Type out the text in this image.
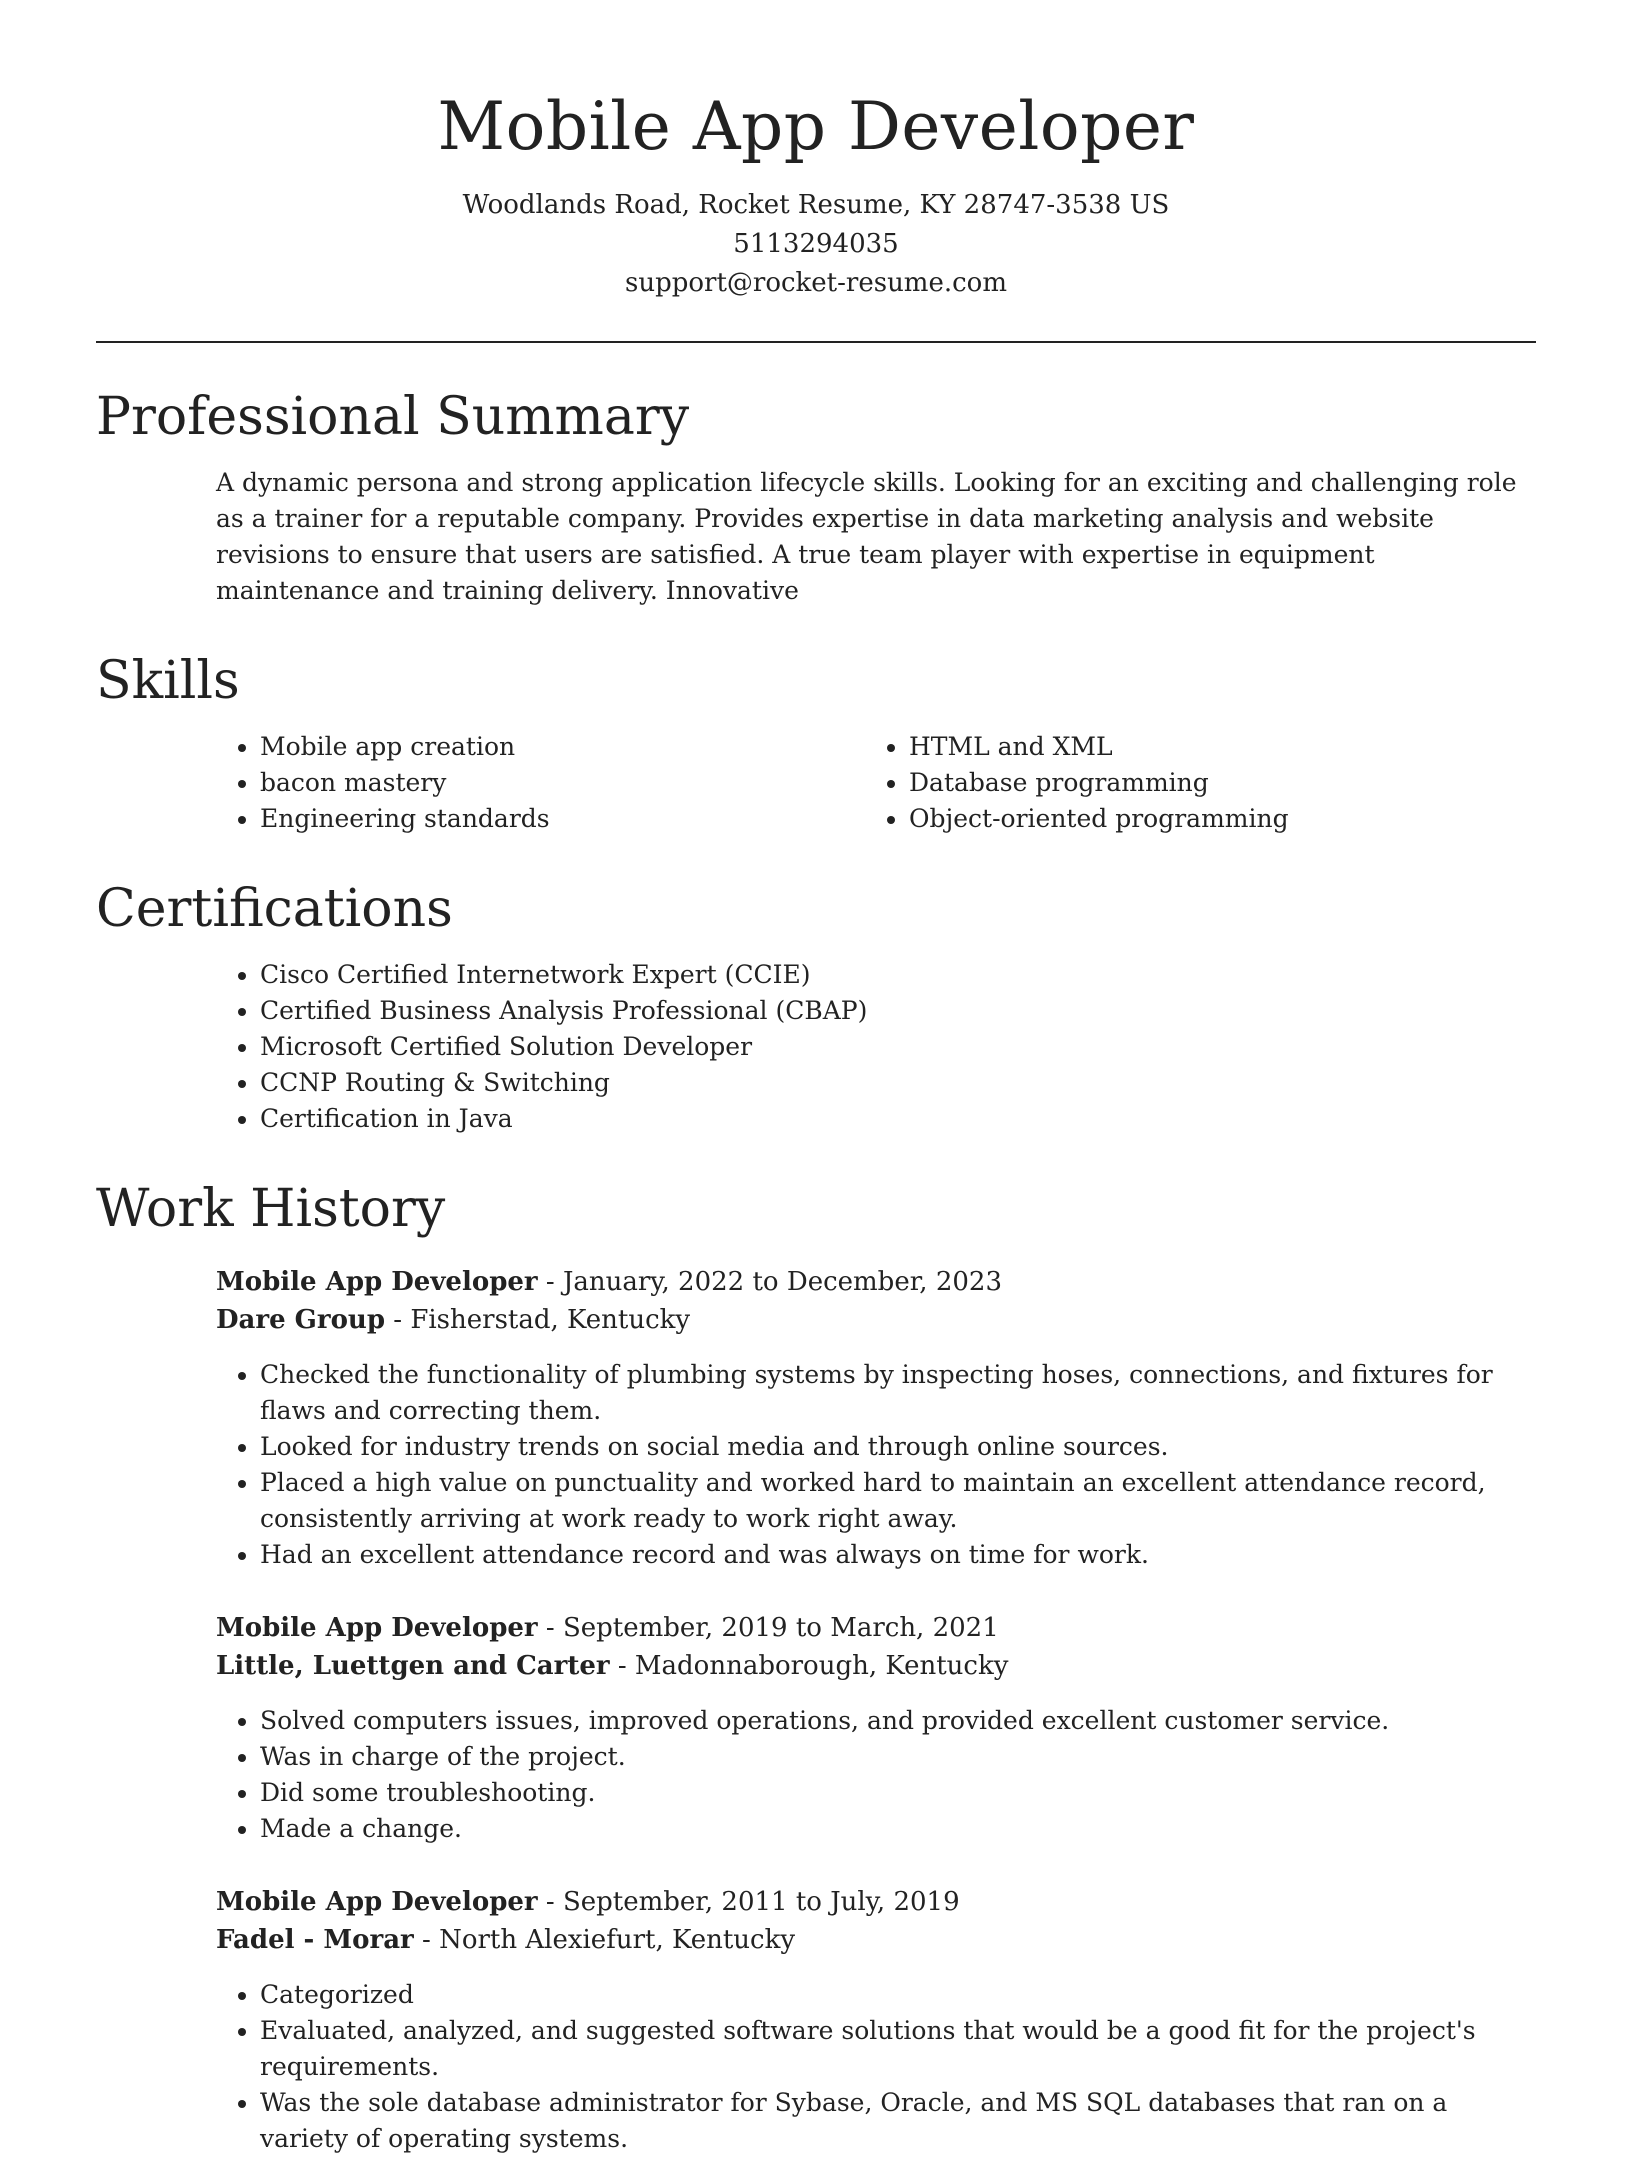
Mobile App Developer
Woodlands Road, Rocket Resume, KY 28747-3538 US
5113294035
support@rocket-resume.com
Professional Summary

A dynamic persona and strong application lifecycle skills. Looking for an exciting and challenging role as a trainer for a reputable company. Provides expertise in data marketing analysis and website revisions to ensure that users are satisfied. A true team player with expertise in equipment maintenance and training delivery. Innovative

Skills
• Mobile app creation
• bacon mastery
• Engineering standards
• HTML and XML
• Database programming
• Object-oriented programming
Certifications
• Cisco Certified Internetwork Expert (CCIE)
• Certified Business Analysis Professional (CBAP)
• Microsoft Certified Solution Developer
• CCNP Routing & Switching
• Certification in Java
Work History
Mobile App Developer - January, 2022 to December, 2023
Dare Group - Fisherstad, Kentucky
• Checked the functionality of plumbing systems by inspecting hoses, connections, and fixtures for flaws and correcting them.
• Looked for industry trends on social media and through online sources.
• Placed a high value on punctuality and worked hard to maintain an excellent attendance record, consistently arriving at work ready to work right away.
• Had an excellent attendance record and was always on time for work.
Mobile App Developer - September, 2019 to March, 2021
Little, Luettgen and Carter - Madonnaborough, Kentucky
• Solved computers issues, improved operations, and provided excellent customer service.
• Was in charge of the project.
• Did some troubleshooting.
• Made a change.
Mobile App Developer - September, 2011 to July, 2019
Fadel - Morar - North Alexiefurt, Kentucky
• Categorized
• Evaluated, analyzed, and suggested software solutions that would be a good fit for the project's requirements.
• Was the sole database administrator for Sybase, Oracle, and MS SQL databases that ran on a variety of operating systems.
